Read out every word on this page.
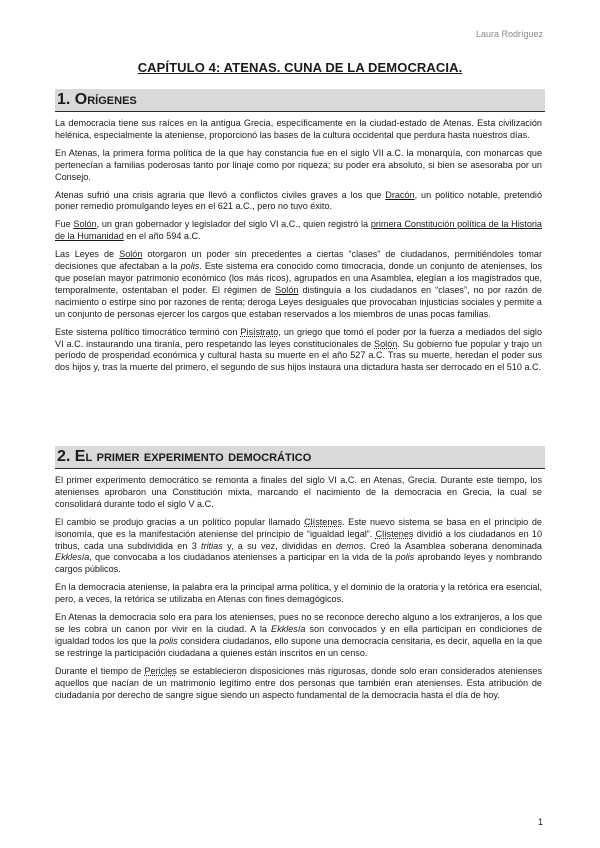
Laura Rodríguez
CAPÍTULO 4: ATENAS. CUNA DE LA DEMOCRACIA.
1. Orígenes

La democracia tiene sus raíces en la antigua Grecia, específicamente en la ciudad-estado de Atenas. Esta civilización helénica, especialmente la ateniense, proporcionó las bases de la cultura occidental que perdura hasta nuestros días.

En Atenas, la primera forma política de la que hay constancia fue en el siglo VII a.C. la monarquía, con monarcas que pertenecían a familias poderosas tanto por linaje como por riqueza; su poder era absoluto, si bien se asesoraba por un Consejo.

Atenas sufrió una crisis agraria que llevó a conflictos civiles graves a los que Dracón, un político notable, pretendió poner remedio promulgando leyes en el 621 a.C., pero no tuvo éxito.

Fue Solón, un gran gobernador y legislador del siglo VI a.C., quien registró la primera Constitución política de la Historia de la Humanidad en el año 594 a.C.

Las Leyes de Solón otorgaron un poder sin precedentes a ciertas “clases” de ciudadanos, permitiéndoles tomar decisiones que afectaban a la polis. Este sistema era conocido como timocracia, donde un conjunto de atenienses, los que poseían mayor patrimonio económico (los más ricos), agrupados en una Asamblea, elegían a los magistrados que, temporalmente, ostentaban el poder. El régimen de Solón distinguía a los ciudadanos en “clases”, no por razón de nacimiento o estirpe sino por razones de renta; deroga Leyes desiguales que provocaban injusticias sociales y permite a un conjunto de personas ejercer los cargos que estaban reservados a los miembros de unas pocas familias.

Este sistema político timocrático terminó con Pisístrato, un griego que tomó el poder por la fuerza a mediados del siglo VI a.C. instaurando una tiranía, pero respetando las leyes constitucionales de Solón. Su gobierno fue popular y trajo un período de prosperidad económica y cultural hasta su muerte en el año 527 a.C. Tras su muerte, heredan el poder sus dos hijos y, tras la muerte del primero, el segundo de sus hijos instaura una dictadura hasta ser derrocado en el 510 a.C.

2. El primer experimento democrático

El primer experimento democrático se remonta a finales del siglo VI a.C. en Atenas, Grecia. Durante este tiempo, los atenienses aprobaron una Constitución mixta, marcando el nacimiento de la democracia en Grecia, la cual se consolidará durante todo el siglo V a.C.

El cambio se produjo gracias a un político popular llamado Clístenes. Este nuevo sistema se basa en el principio de isonomía, que es la manifestación ateniense del principio de “igualdad legal”. Clístenes dividió a los ciudadanos en 10 tribus, cada una subdividida en 3 tritias y, a su vez, divididas en demos. Creó la Asamblea soberana denominada Ekklesía, que convocaba a los ciudadanos atenienses a participar en la vida de la polis aprobando leyes y nombrando cargos públicos.

En la democracia ateniense, la palabra era la principal arma política, y el dominio de la oratoria y la retórica era esencial, pero, a veces, la retórica se utilizaba en Atenas con fines demagógicos.

En Atenas la democracia solo era para los atenienses, pues no se reconoce derecho alguno a los extranjeros, a los que se les cobra un canon por vivir en la ciudad. A la Ekklesía son convocados y en ella participan en condiciones de igualdad todos los que la polis considera ciudadanos, ello supone una democracia censitaria, es decir, aquella en la que se restringe la participación ciudadana a quienes están inscritos en un censo.

Durante el tiempo de Pericles se establecieron disposiciones más rigurosas, donde solo eran considerados atenienses aquellos que nacían de un matrimonio legítimo entre dos personas que también eran atenienses. Esta atribución de ciudadanía por derecho de sangre sigue siendo un aspecto fundamental de la democracia hasta el día de hoy.

1
